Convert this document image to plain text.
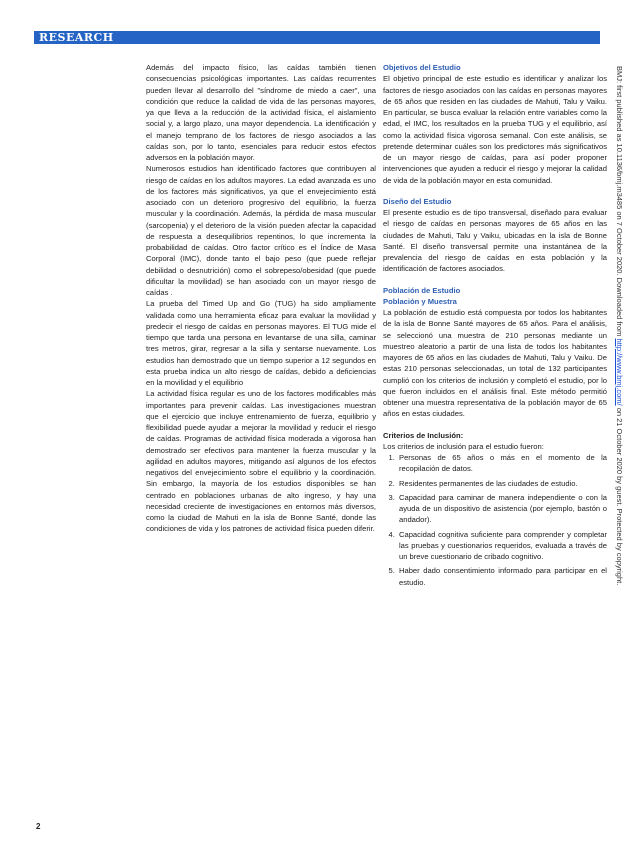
RESEARCH

Además del impacto físico, las caídas también tienen consecuencias psicológicas importantes. Las caídas recurrentes pueden llevar al desarrollo del "síndrome de miedo a caer", una condición que reduce la calidad de vida de las personas mayores, ya que lleva a la reducción de la actividad física, el aislamiento social y, a largo plazo, una mayor dependencia. La identificación y el manejo temprano de los factores de riesgo asociados a las caídas son, por lo tanto, esenciales para reducir estos efectos adversos en la población mayor.

Numerosos estudios han identificado factores que contribuyen al riesgo de caídas en los adultos mayores. La edad avanzada es uno de los factores más significativos, ya que el envejecimiento está asociado con un deterioro progresivo del equilibrio, la fuerza muscular y la coordinación. Además, la pérdida de masa muscular (sarcopenia) y el deterioro de la visión pueden afectar la capacidad de respuesta a desequilibrios repentinos, lo que incrementa la probabilidad de caídas. Otro factor crítico es el Índice de Masa Corporal (IMC), donde tanto el bajo peso (que puede reflejar debilidad o desnutrición) como el sobrepeso/obesidad (que puede dificultar la movilidad) se han asociado con un mayor riesgo de caídas .

La prueba del Timed Up and Go (TUG) ha sido ampliamente validada como una herramienta eficaz para evaluar la movilidad y predecir el riesgo de caídas en personas mayores. El TUG mide el tiempo que tarda una persona en levantarse de una silla, caminar tres metros, girar, regresar a la silla y sentarse nuevamente. Los estudios han demostrado que un tiempo superior a 12 segundos en esta prueba indica un alto riesgo de caídas, debido a deficiencias en la movilidad y el equilibrio

La actividad física regular es uno de los factores modificables más importantes para prevenir caídas. Las investigaciones muestran que el ejercicio que incluye entrenamiento de fuerza, equilibrio y flexibilidad puede ayudar a mejorar la movilidad y reducir el riesgo de caídas. Programas de actividad física moderada a vigorosa han demostrado ser efectivos para mantener la fuerza muscular y la agilidad en adultos mayores, mitigando así algunos de los efectos negativos del envejecimiento sobre el equilibrio y la coordinación. Sin embargo, la mayoría de los estudios disponibles se han centrado en poblaciones urbanas de alto ingreso, y hay una necesidad creciente de investigaciones en entornos más diversos, como la ciudad de Mahuti en la isla de Bonne Santé, donde las condiciones de vida y los patrones de actividad física pueden diferir.

Objetivos del Estudio

El objetivo principal de este estudio es identificar y analizar los factores de riesgo asociados con las caídas en personas mayores de 65 años que residen en las ciudades de Mahuti, Talu y Vaiku. En particular, se busca evaluar la relación entre variables como la edad, el IMC, los resultados en la prueba TUG y el equilibrio, así como la actividad física vigorosa semanal. Con este análisis, se pretende determinar cuáles son los predictores más significativos de un mayor riesgo de caídas, para así poder proponer intervenciones que ayuden a reducir el riesgo y mejorar la calidad de vida de la población mayor en esta comunidad.

Diseño del Estudio

El presente estudio es de tipo transversal, diseñado para evaluar el riesgo de caídas en personas mayores de 65 años en las ciudades de Mahuti, Talu y Vaiku, ubicadas en la isla de Bonne Santé. El diseño transversal permite una instantánea de la prevalencia del riesgo de caídas en esta población y la identificación de factores asociados.

Población de Estudio

Población y Muestra

La población de estudio está compuesta por todos los habitantes de la isla de Bonne Santé mayores de 65 años. Para el análisis, se seleccionó una muestra de 210 personas mediante un muestreo aleatorio a partir de una lista de todos los habitantes mayores de 65 años en las ciudades de Mahuti, Talu y Vaiku. De estas 210 personas seleccionadas, un total de 132 participantes cumplió con los criterios de inclusión y completó el estudio, por lo que fueron incluidos en el análisis final. Este método permitió obtener una muestra representativa de la población mayor de 65 años en estas ciudades.

Criterios de Inclusión:

Los criterios de inclusión para el estudio fueron:

1. Personas de 65 años o más en el momento de la recopilación de datos.
2. Residentes permanentes de las ciudades de estudio.
3. Capacidad para caminar de manera independiente o con la ayuda de un dispositivo de asistencia (por ejemplo, bastón o andador).
4. Capacidad cognitiva suficiente para comprender y completar las pruebas y cuestionarios requeridos, evaluada a través de un breve cuestionario de cribado cognitivo.
5. Haber dado consentimiento informado para participar en el estudio.
BMJ: first published as 10.1136/bmj.m3485 on 7 October 2020. Downloaded from http://www.bmj.com/ on 21 October 2020 by guest. Protected by copyright.
2
